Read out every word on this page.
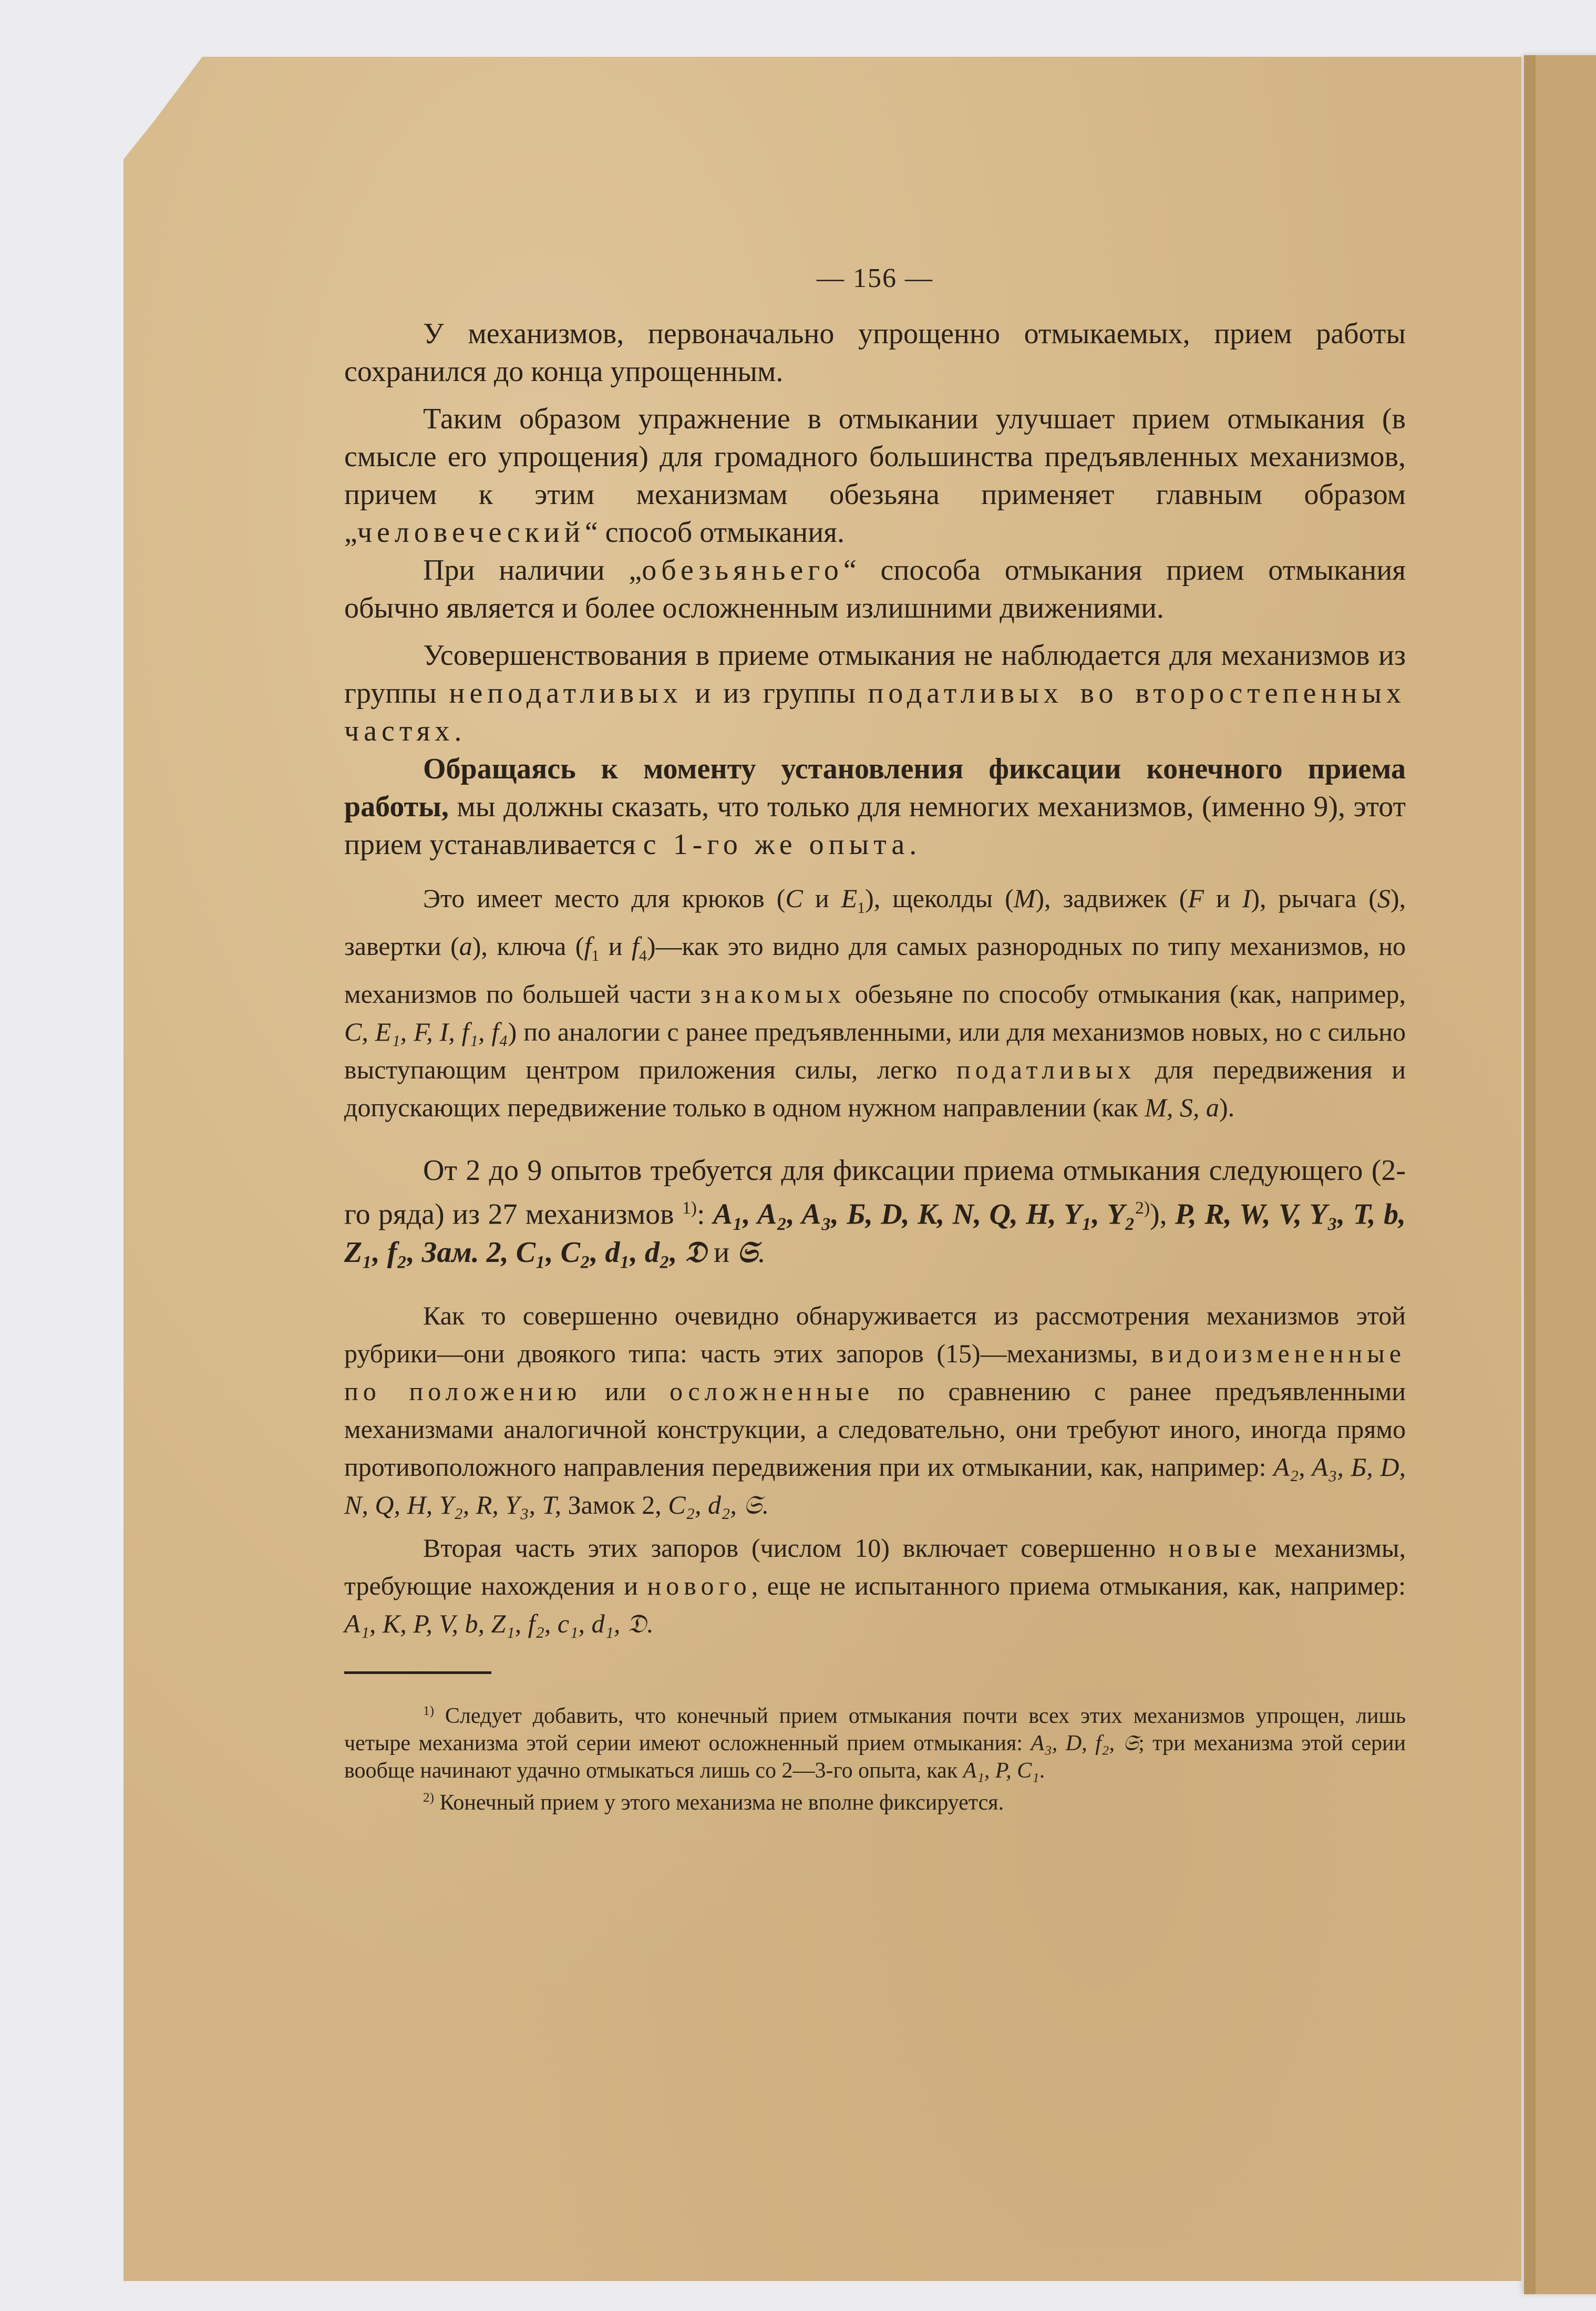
— 156 —

У механизмов, первоначально упрощенно отмыкаемых, прием работы сохранился до конца упрощенным.

Таким образом упражнение в отмыкании улучшает прием отмыкания (в смысле его упрощения) для громадного большинства предъявленных механизмов, причем к этим механизмам обезьяна применяет главным образом „человеческий“ способ отмыкания.

При наличии „обезьяньего“ способа отмыкания прием отмыкания обычно является и более осложненным излишними движениями.

Усовершенствования в приеме отмыкания не наблюдается для механизмов из группы неподатливых и из группы податливых во второстепенных частях.

Обращаясь к моменту установления фиксации конечного приема работы, мы должны сказать, что только для немногих механизмов, (именно 9), этот прием устанавливается с 1-го же опыта.

Это имеет место для крюков (C и $E_1$), щеколды (M), задвижек (F и I), рычага (S), завертки (a), ключа ($f_1$ и $f_4)—как$ это видно для самых разнородных по типу механизмов, но механизмов по большей части знакомых обезьяне по способу отмыкания (как, например, C, E₁, F, I, f₁, f₄) по аналогии с ранее предъявленными, или для механизмов новых, но с сильно выступающим центром приложения силы, легко податливых для передвижения и допускающих передвижение только в одном нужном направлении (как M, S, a).

От 2 до 9 опытов требуется для фиксации приема отмыкания следующего (2-го ряда) из 27 механизмов $^{1)}$: A₁, A₂, A₃, Б, D, K, N, Q, H, Y₁, Y₂$^{2)}$), P, R, W, V, Y₃, T, b, Z₁, f₂, Зам. 2, C₁, C₂, d₁, d₂, 𝔇 и 𝔖.

Как то совершенно очевидно обнаруживается из рассмотрения механизмов этой рубрики—они двоякого типа: часть этих запоров (15)—механизмы, видоизмененные по положению или осложненные по сравнению с ранее предъявленными механизмами аналогичной конструкции, а следовательно, они требуют иного, иногда прямо противоположного направления передвижения при их отмыкании, как, например: A₂, A₃, Б, D, N, Q, H, Y₂, R, Y₃, T, Замок 2, C₂, d₂, 𝔖.

Вторая часть этих запоров (числом 10) включает совершенно новые механизмы, требующие нахождения и нового, еще не испытанного приема отмыкания, как, например: A₁, K, P, V, b, Z₁, f₂, c₁, d₁, 𝔇.

$^{1)}$ Следует добавить, что конечный прием отмыкания почти всех этих механизмов упрощен, лишь четыре механизма этой серии имеют осложненный прием отмыкания: A₃, D, f₂, 𝔖; три механизма этой серии вообще начинают удачно отмыкаться лишь со 2—3-го опыта, как A₁, P, C₁.

$^{2)}$ Конечный прием у этого механизма не вполне фиксируется.
